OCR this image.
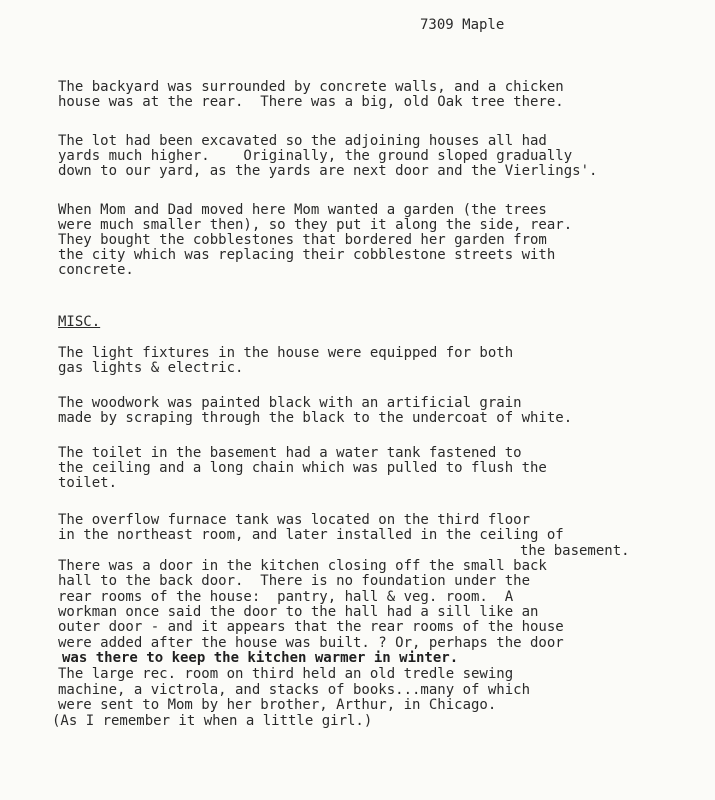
7309 Maple
The backyard was surrounded by concrete walls, and a chicken
house was at the rear.  There was a big, old Oak tree there.
The lot had been excavated so the adjoining houses all had
yards much higher.    Originally, the ground sloped gradually
down to our yard, as the yards are next door and the Vierlings'.
When Mom and Dad moved here Mom wanted a garden (the trees
were much smaller then), so they put it along the side, rear.
They bought the cobblestones that bordered her garden from
the city which was replacing their cobblestone streets with
concrete.
MISC.
The light fixtures in the house were equipped for both
gas lights & electric.
The woodwork was painted black with an artificial grain
made by scraping through the black to the undercoat of white.
The toilet in the basement had a water tank fastened to
the ceiling and a long chain which was pulled to flush the
toilet.
The overflow furnace tank was located on the third floor
in the northeast room, and later installed in the ceiling of
the basement.
There was a door in the kitchen closing off the small back
hall to the back door.  There is no foundation under the
rear rooms of the house:  pantry, hall & veg. room.  A
workman once said the door to the hall had a sill like an
outer door - and it appears that the rear rooms of the house
were added after the house was built. ? Or, perhaps the door
was there to keep the kitchen warmer in winter.
The large rec. room on third held an old tredle sewing
machine, a victrola, and stacks of books...many of which
were sent to Mom by her brother, Arthur, in Chicago.
(As I remember it when a little girl.)
